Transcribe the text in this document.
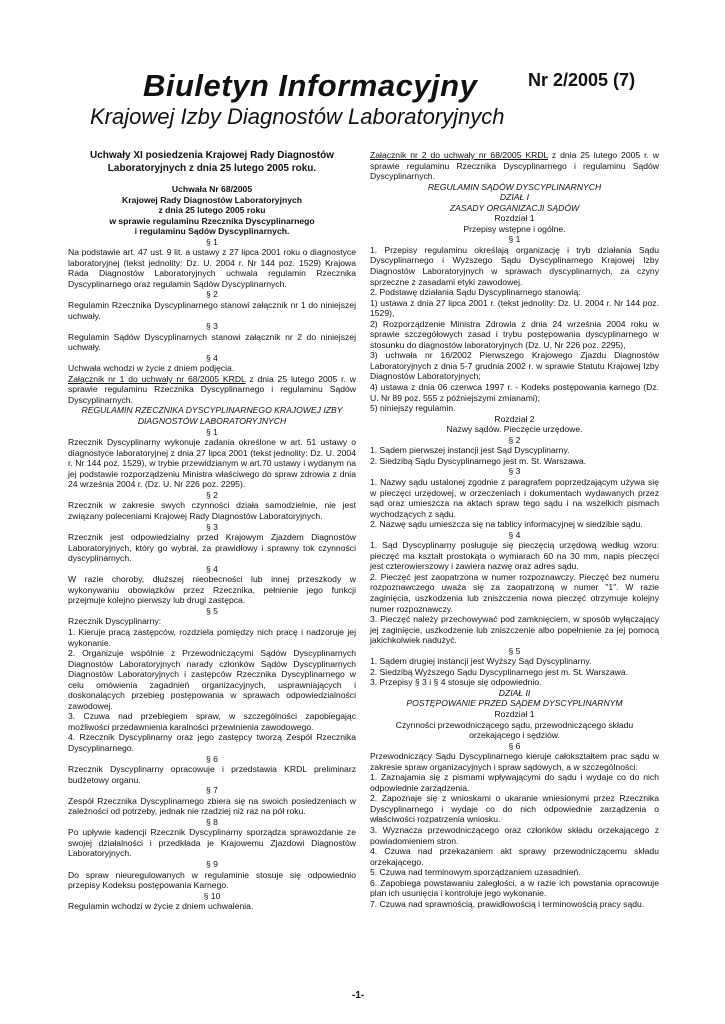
Biuletyn Informacyjny	Nr 2/2005 (7)
Krajowej Izby Diagnostów Laboratoryjnych

Uchwały XI posiedzenia Krajowej Rady Diagnostów Laboratoryjnych z dnia 25 lutego 2005 roku.

Uchwała Nr 68/2005

Krajowej Rady Diagnostów Laboratoryjnych

z dnia 25 lutego 2005 roku

w sprawie regulaminu Rzecznika Dyscyplinarnego

i regulaminu Sądów Dyscyplinarnych.

§ 1

Na podstawie art. 47 ust. 9 lit. a ustawy z 27 lipca 2001 roku o diagnostyce laboratoryjnej (tekst jednolity: Dz. U. 2004 r. Nr 144 poz. 1529) Krajowa Rada Diagnostów Laboratoryjnych uchwala regulamin Rzecznika Dyscyplinarnego oraz regulamin Sądów Dyscyplinarnych.

§ 2

Regulamin Rzecznika Dyscyplinarnego stanowi załącznik nr 1 do niniejszej uchwały.

§ 3

Regulamin Sądów Dyscyplinarnych stanowi załącznik nr 2 do niniejszej uchwały.

§ 4

Uchwała wchodzi w życie z dniem podjęcia.

Załącznik nr 1 do uchwały nr 68/2005 KRDL z dnia 25 lutego 2005 r. w sprawie regulaminu Rzecznika Dyscyplinarnego i regulaminu Sądów Dyscyplinarnych.

REGULAMIN RZECZNIKA DYSCYPLINARNEGO KRAJOWEJ IZBY DIAGNOSTÓW LABORATORYJNYCH

§ 1

Rzecznik Dyscyplinarny wykonuje zadania określone w art. 51 ustawy o diagnostyce laboratoryjnej z dnia 27 lipca 2001 (tekst jednolity: Dz. U. 2004 r. Nr 144 poz. 1529), w trybie przewidzianym w art.70 ustawy i wydanym na jej podstawie rozporządzeniu Ministra właściwego do spraw zdrowia z dnia 24 września 2004 r. (Dz. U. Nr 226 poz. 2295).

§ 2

Rzecznik w zakresie swych czynności działa samodzielnie, nie jest związany poleceniami Krajowej Rady Diagnostów Laboratoryjnych.

§ 3

Rzecznik jest odpowiedzialny przed Krajowym Zjazdem Diagnostów Laboratoryjnych, który go wybrał, za prawidłowy i sprawny tok czynności dyscyplinarnych.

§ 4

W razie choroby, dłuższej nieobecności lub innej przeszkody w wykonywaniu obowiązków przez Rzecznika, pełnienie jego funkcji przejmuje kolejno pierwszy lub drugi zastępca.

§ 5

Rzecznik Dyscyplinarny:

1. Kieruje pracą zastępców, rozdziela pomiędzy nich pracę i nadzoruje jej wykonanie.

2. Organizuje wspólnie z Przewodniczącymi Sądów Dyscyplinarnych Diagnostów Laboratoryjnych narady członków Sądów Dyscyplinarnych Diagnostów Laboratoryjnych i zastępców Rzecznika Dyscyplinarnego w celu omówienia zagadnień organizacyjnych, usprawniających i doskonalących przebieg postępowania w sprawach odpowiedzialności zawodowej.

3. Czuwa nad przebiegiem spraw, w szczególności zapobiegając możliwości przedawnienia karalności przewinienia zawodowego.

4. Rzecznik Dyscyplinarny oraz jego zastępcy tworzą Zespół Rzecznika Dyscyplinarnego.

§ 6

Rzecznik Dyscyplinarny opracowuje i przedstawia KRDL preliminarz budżetowy organu.

§ 7

Zespół Rzecznika Dyscyplinarnego zbiera się na swoich posiedzeniach w zależności od potrzeby, jednak nie rzadziej niż raz na pół roku.

§ 8

Po upływie kadencji Rzecznik Dyscyplinarny sporządza sprawozdanie ze swojej działalności i przedkłada je Krajowemu Zjazdowi Diagnostów Laboratoryjnych.

§ 9

Do spraw nieuregulowanych w regulaminie stosuje się odpowiednio przepisy Kodeksu postępowania Karnego.

§ 10

Regulamin wchodzi w życie z dniem uchwalenia.

Załącznik nr 2 do uchwały nr 68/2005 KRDL z dnia 25 lutego 2005 r. w sprawie regulaminu Rzecznika Dyscyplinarnego i regulaminu Sądów Dyscyplinarnych.

REGULAMIN SĄDÓW DYSCYPLINARNYCH

DZIAŁ I

ZASADY ORGANIZACJI SĄDÓW

Rozdział 1

Przepisy wstępne i ogólne.

§ 1

1. Przepisy regulaminu określają organizację i tryb działania Sądu Dyscyplinarnego i Wyższego Sądu Dyscyplinarnego Krajowej Izby Diagnostów Laboratoryjnych w sprawach dyscyplinarnych, za czyny sprzeczne z zasadami etyki zawodowej.

2. Podstawę działania Sądu Dyscyplinarnego stanowią:

1) ustawa z dnia 27 lipca 2001 r. (tekst jednolity: Dz. U. 2004 r. Nr 144 poz. 1529),

2) Rozporządzenie Ministra Zdrowia z dnia 24 września 2004 roku w sprawie szczegółowych zasad i trybu postępowania dyscyplinarnego w stosunku do diagnostów laboratoryjnych (Dz. U. Nr 226 poz. 2295),

3) uchwała nr 16/2002 Pierwszego Krajowego Zjazdu Diagnostów Laboratoryjnych z dnia 5-7 grudnia 2002 r. w sprawie Statutu Krajowej Izby Diagnostów Laboratoryjnych;

4) ustawa z dnia 06 czerwca 1997 r. - Kodeks postępowania karnego (Dz. U. Nr 89 poz. 555 z późniejszymi zmianami);

5) niniejszy regulamin.

Rozdział 2

Nazwy sądów. Pieczęcie urzędowe.

§ 2

1. Sądem pierwszej instancji jest Sąd Dyscyplinarny.

2. Siedzibą Sądu Dyscyplinarnego jest m. St. Warszawa.

§ 3

1. Nazwy sądu ustalonej zgodnie z paragrafem poprzedzającym używa się w pieczęci urzędowej, w orzeczeniach i dokumentach wydawanych przez sąd oraz umieszcza na aktach spraw tego sądu i na wszelkich pismach wychodzących z sądu.

2. Nazwę sądu umieszcza się na tablicy informacyjnej w siedzibie sądu.

§ 4

1. Sąd Dyscyplinarny posługuje się pieczęcią urzędową według wzoru: pieczęć ma kształt prostokąta o wymiarach 60 na 30 mm, napis pieczęci jest czterowierszowy i zawiera nazwę oraz adres sądu.

2. Pieczęć jest zaopatrzona w numer rozpoznawczy. Pieczęć bez numeru rozpoznawczego uważa się za zaopatrzoną w numer "1". W razie zaginięcia, uszkodzenia lub zniszczenia nowa pieczęć otrzymuje kolejny numer rozpoznawczy.

3. Pieczęć należy przechowywać pod zamknięciem, w sposób wyłączający jej zaginięcie, uszkodzenie lub zniszczenie albo popełnienie za jej pomocą jakichkolwiek nadużyć.

§ 5

1. Sądem drugiej instancji jest Wyższy Sąd Dyscyplinarny.

2. Siedzibą Wyższego Sądu Dyscyplinarnego jest m. St. Warszawa.

3. Przepisy § 3 i § 4 stosuje się odpowiednio.

DZIAŁ II

POSTĘPOWANIE PRZED SĄDEM DYSCYPLINARNYM

Rozdział 1

Czynności przewodniczącego sądu, przewodniczącego składu orzekającego i sędziów.

§ 6

Przewodniczący Sądu Dyscyplinarnego kieruje całokształtem prac sądu w zakresie spraw organizacyjnych i spraw sądowych, a w szczególności:

1. Zaznajamia się z pismami wpływającymi do sądu i wydaje co do nich odpowiednie zarządzenia.

2. Zapoznaje się z wnioskami o ukaranie wniesionymi przez Rzecznika Dyscyplinarnego i wydaje co do nich odpowiednie zarządzenia o właściwości rozpatrzenia wniosku.

3. Wyznacza przewodniczącego oraz członków składu orzekającego z powiadomieniem stron.

4. Czuwa nad przekazaniem akt sprawy przewodniczącemu składu orzekającego.

5. Czuwa nad terminowym sporządzaniem uzasadnień.

6. Zapobiega powstawaniu zaległości, a w razie ich powstania opracowuje plan ich usunięcia i kontroluje jego wykonanie.

7. Czuwa nad sprawnością, prawidłowością i terminowością pracy sądu.

-1-
